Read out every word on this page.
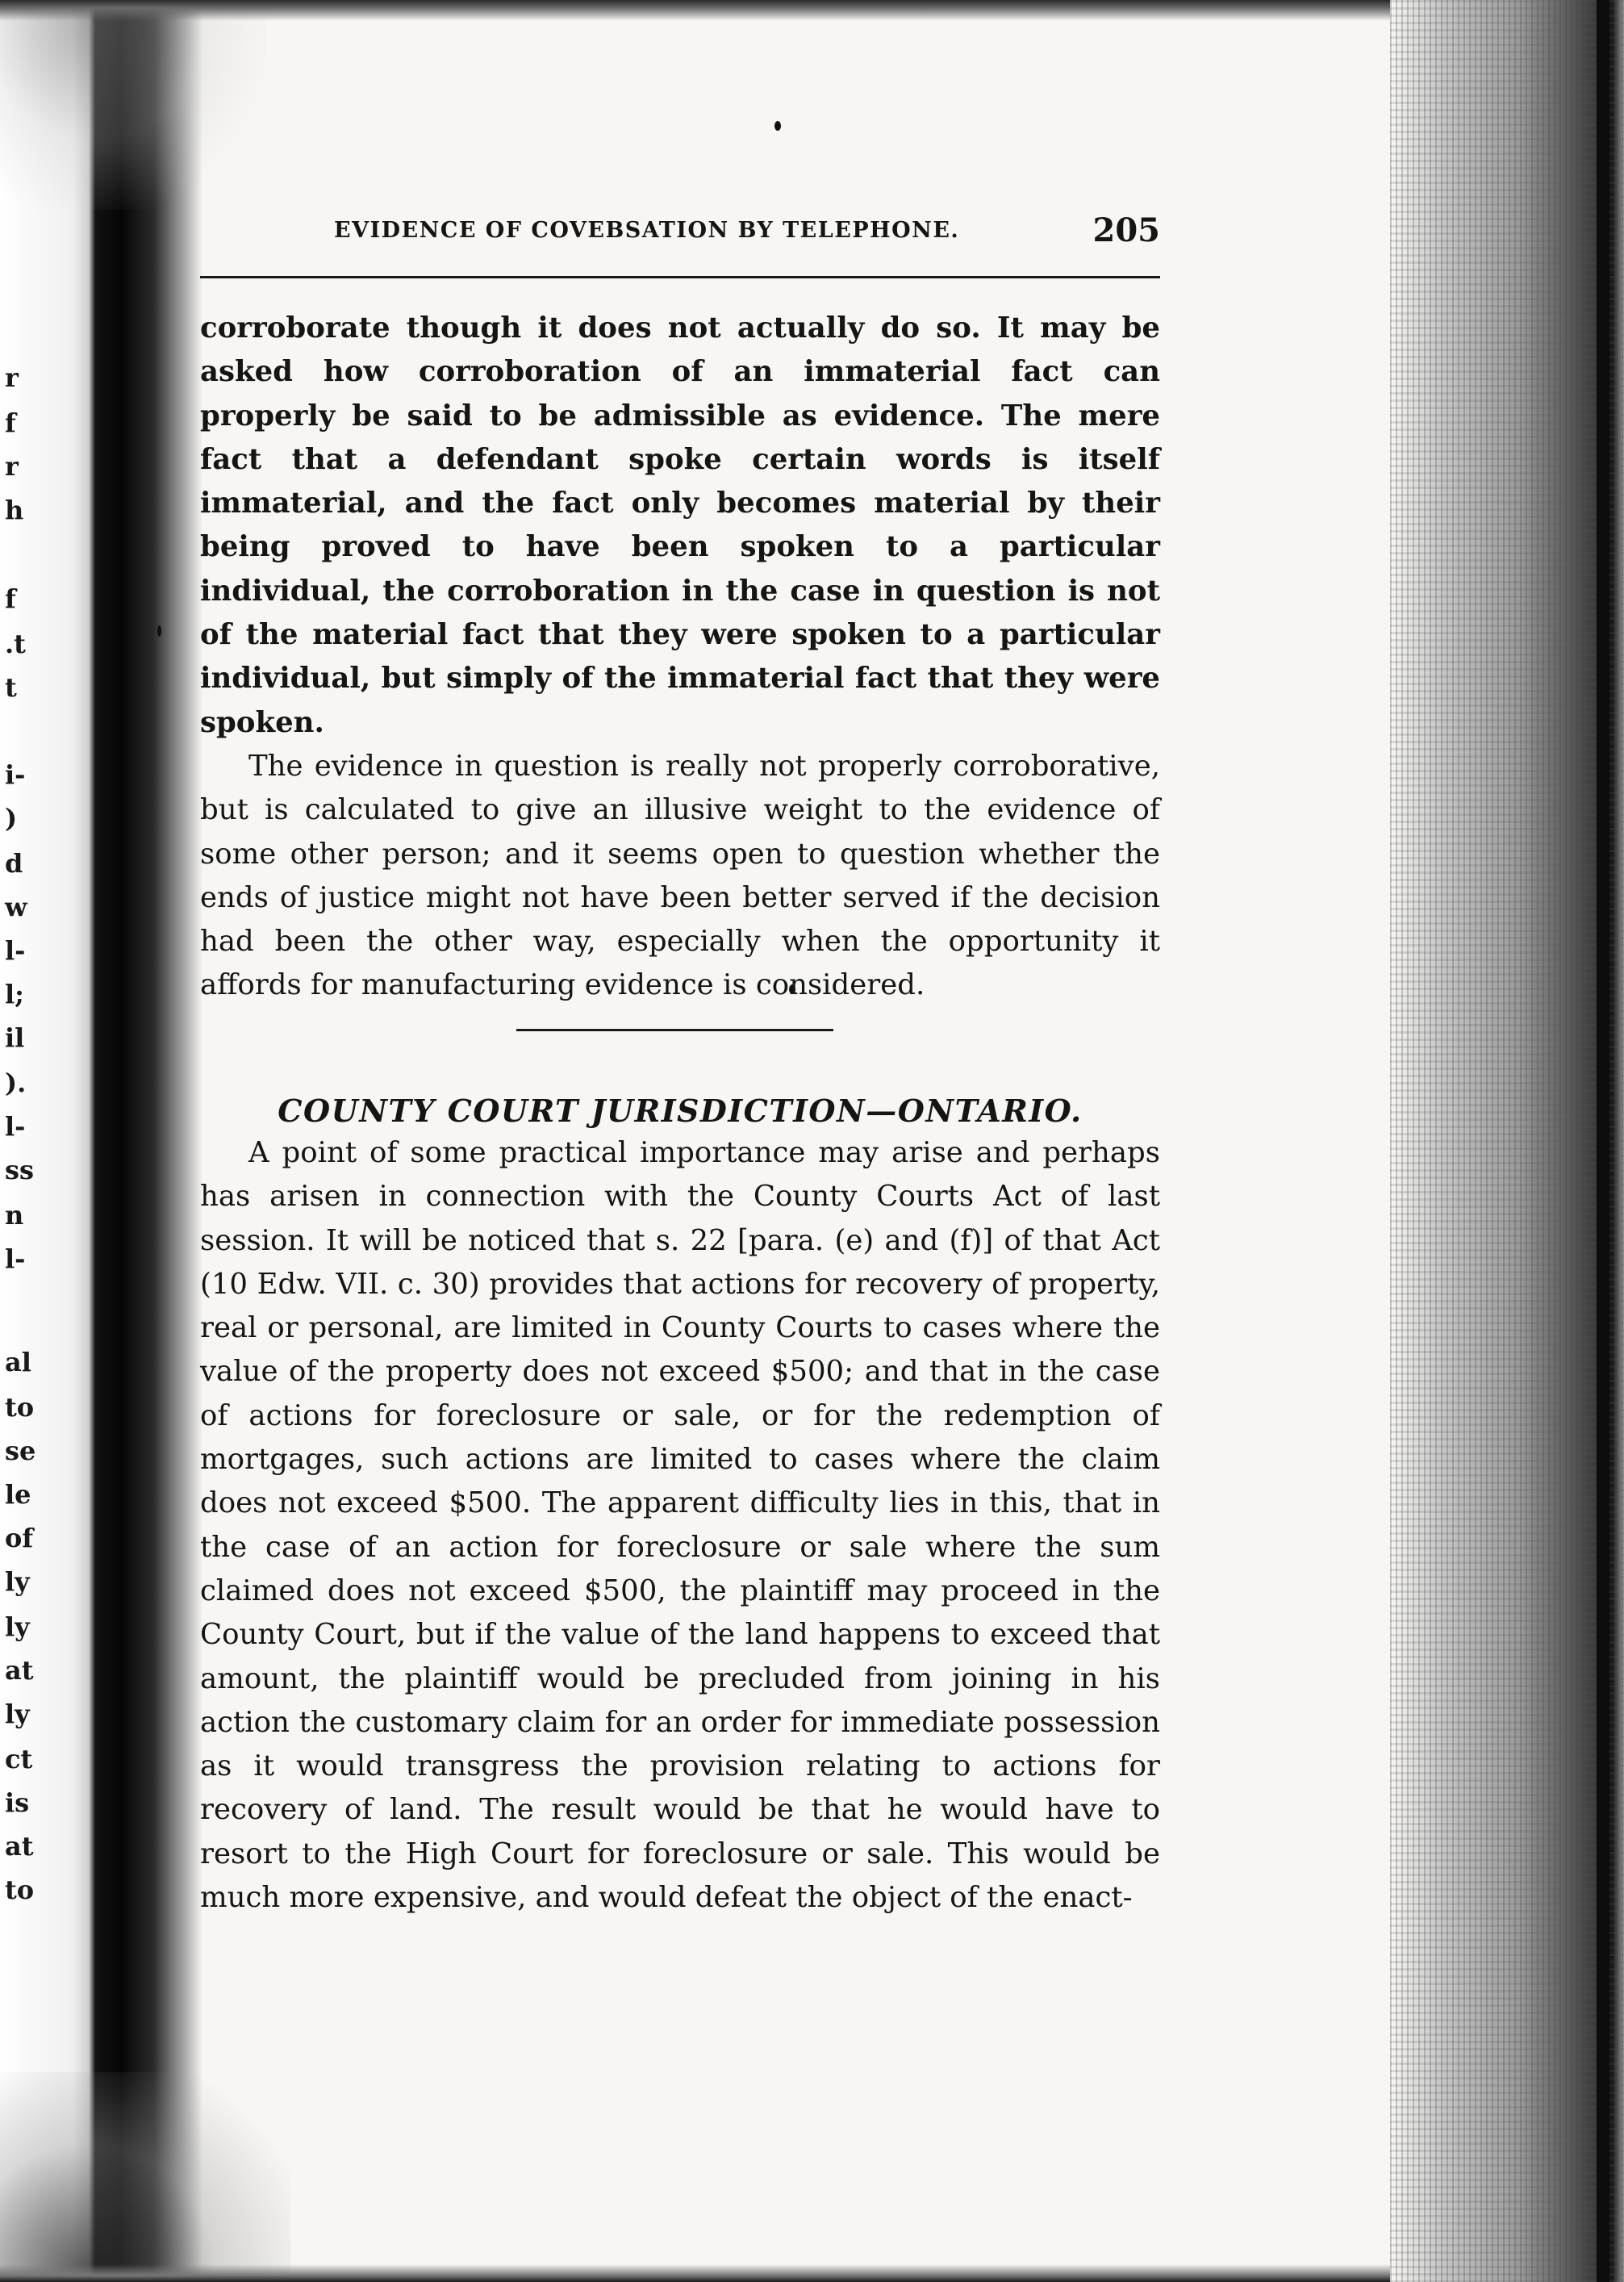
r
f
r
h
f
.t
t
i-
)
d
w
l-
l;
il
).
l-
ss
n
l-
al
to
se
le
of
ly
ly
at
ly
ct
is
at
to
EVIDENCE OF COVEBSATION BY TELEPHONE.	205

corroborate though it does not actually do so. It may be asked how corroboration of an immaterial fact can properly be said to be admissible as evidence. The mere fact that a defendant spoke certain words is itself immaterial, and the fact only becomes material by their being proved to have been spoken to a particular individual, the corroboration in the case in question is not of the material fact that they were spoken to a particular individual, but simply of the immaterial fact that they were spoken.

The evidence in question is really not properly corroborative, but is calculated to give an illusive weight to the evidence of some other person; and it seems open to question whether the ends of justice might not have been better served if the decision had been the other way, especially when the opportunity it affords for manufacturing evidence is considered.

COUNTY COURT JURISDICTION—ONTARIO.

A point of some practical importance may arise and perhaps has arisen in connection with the County Courts Act of last session. It will be noticed that s. 22 [para. (e) and (f)] of that Act (10 Edw. VII. c. 30) provides that actions for recovery of property, real or personal, are limited in County Courts to cases where the value of the property does not exceed $500; and that in the case of actions for foreclosure or sale, or for the redemption of mortgages, such actions are limited to cases where the claim does not exceed $500. The apparent difficulty lies in this, that in the case of an action for foreclosure or sale where the sum claimed does not exceed $500, the plaintiff may proceed in the County Court, but if the value of the land happens to exceed that amount, the plaintiff would be precluded from joining in his action the customary claim for an order for immediate possession as it would transgress the provision relating to actions for recovery of land. The result would be that he would have to resort to the High Court for foreclosure or sale. This would be much more expensive, and would defeat the object of the enact-
